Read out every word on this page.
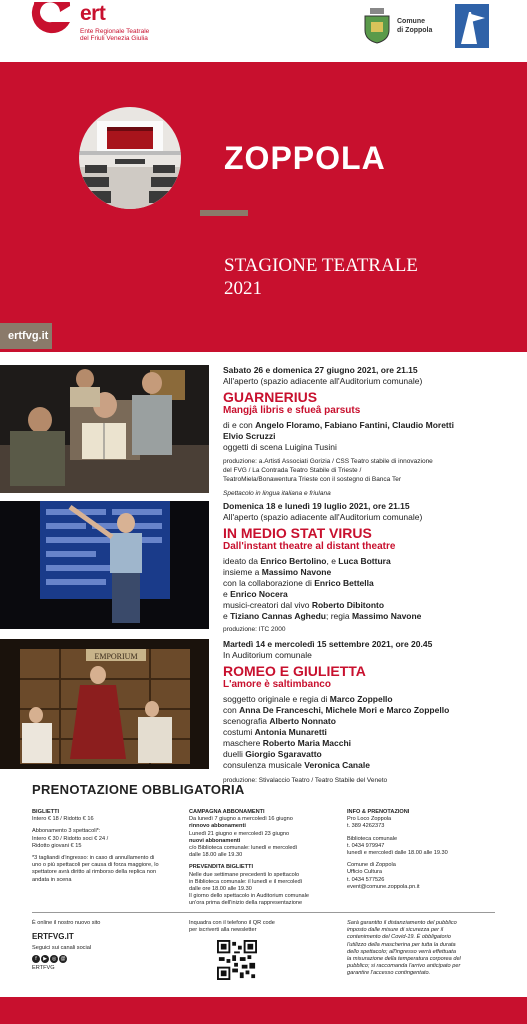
ert
Ente Regionale Teatrale
del Friuli Venezia Giulia
Comune
di Zoppola
ZOPPOLA
STAGIONE TEATRALE
2021
ertfvg.it
Sabato 26 e domenica 27 giugno 2021, ore 21.15
All'aperto (spazio adiacente all'Auditorium comunale)
GUARNERIUS
Mangjâ libris e sfueâ parsuts
di e con Angelo Floramo, Fabiano Fantini, Claudio Moretti
Elvio Scruzzi
oggetti di scena Luigina Tusini
produzione: a.Artisti Associati Gorizia / CSS Teatro stabile di innovazione
del FVG / La Contrada Teatro Stabile di Trieste /
TeatroMiela/Bonawentura Trieste con il sostegno di Banca Ter
Spettacolo in lingua italiana e friulana
Domenica 18 e lunedì 19 luglio 2021, ore 21.15
All'aperto (spazio adiacente all'Auditorium comunale)
IN MEDIO STAT VIRUS
Dall'instant theatre al distant theatre
ideato da Enrico Bertolino, e Luca Bottura
insieme a Massimo Navone
con la collaborazione di Enrico Bettella
e Enrico Nocera
musici-creatori dal vivo Roberto Dibitonto
e Tiziano Cannas Aghedu; regia Massimo Navone
produzione: ITC 2000
EMPORIUM
Martedì 14 e mercoledì 15 settembre 2021, ore 20.45
In Auditorium comunale
ROMEO E GIULIETTA
L'amore è saltimbanco
soggetto originale e regia di Marco Zoppello
con Anna De Franceschi, Michele Mori e Marco Zoppello
scenografia Alberto Nonnato
costumi Antonia Munaretti
maschere Roberto Maria Macchi
duelli Giorgio Sgaravatto
consulenza musicale Veronica Canale
produzione: Stivalaccio Teatro / Teatro Stabile del Veneto
PRENOTAZIONE OBBLIGATORIA
BIGLIETTI
Intero € 18 / Ridotto € 16
Abbonamento 3 spettacoli*:
Intero € 30 / Ridotto soci € 24 /
Ridotto giovani € 15
*3 tagliandi d'ingresso: in caso di annullamento di
uno o più spettacoli per causa di forza maggiore, lo
spettatore avrà diritto al rimborso della replica non
andata in scena
CAMPAGNA ABBONAMENTI
Da lunedì 7 giugno a mercoledì 16 giugno
rinnovo abbonamenti
Lunedì 21 giugno e mercoledì 23 giugno
nuovi abbonamenti
c/o Biblioteca comunale: lunedì e mercoledì
dalle 18.00 alle 19.30
PREVENDITA BIGLIETTI
Nelle due settimane precedenti lo spettacolo
in Biblioteca comunale: il lunedì e il mercoledì
dalle ore 18.00 alle 19.30
Il giorno dello spettacolo in Auditorium comunale
un'ora prima dell'inizio della rappresentazione
INFO & PRENOTAZIONI
Pro Loco Zoppola
t. 389 4262373
Biblioteca comunale
t. 0434 979947
lunedì e mercoledì dalle 18.00 alle 19.30
Comune di Zoppola
Ufficio Cultura
t. 0434 577526
event@comune.zoppola.pn.it
È online il nostro nuovo sito
ERTFVG.IT
Seguici sui canali social
f ▶ ◎ @
ERTFVG
Inquadra con il telefono il QR code
per iscriverti alla newsletter
Sarà garantito il distanziamento del pubblico
imposto dalle misure di sicurezza per il
contenimento del Covid-19. È obbligatorio
l'utilizzo della mascherina per tutta la durata
dello spettacolo; all'ingresso verrà effettuata
la misurazione della temperatura corporea del
pubblico; si raccomanda l'arrivo anticipato per
garantire l'accesso contingentato.
